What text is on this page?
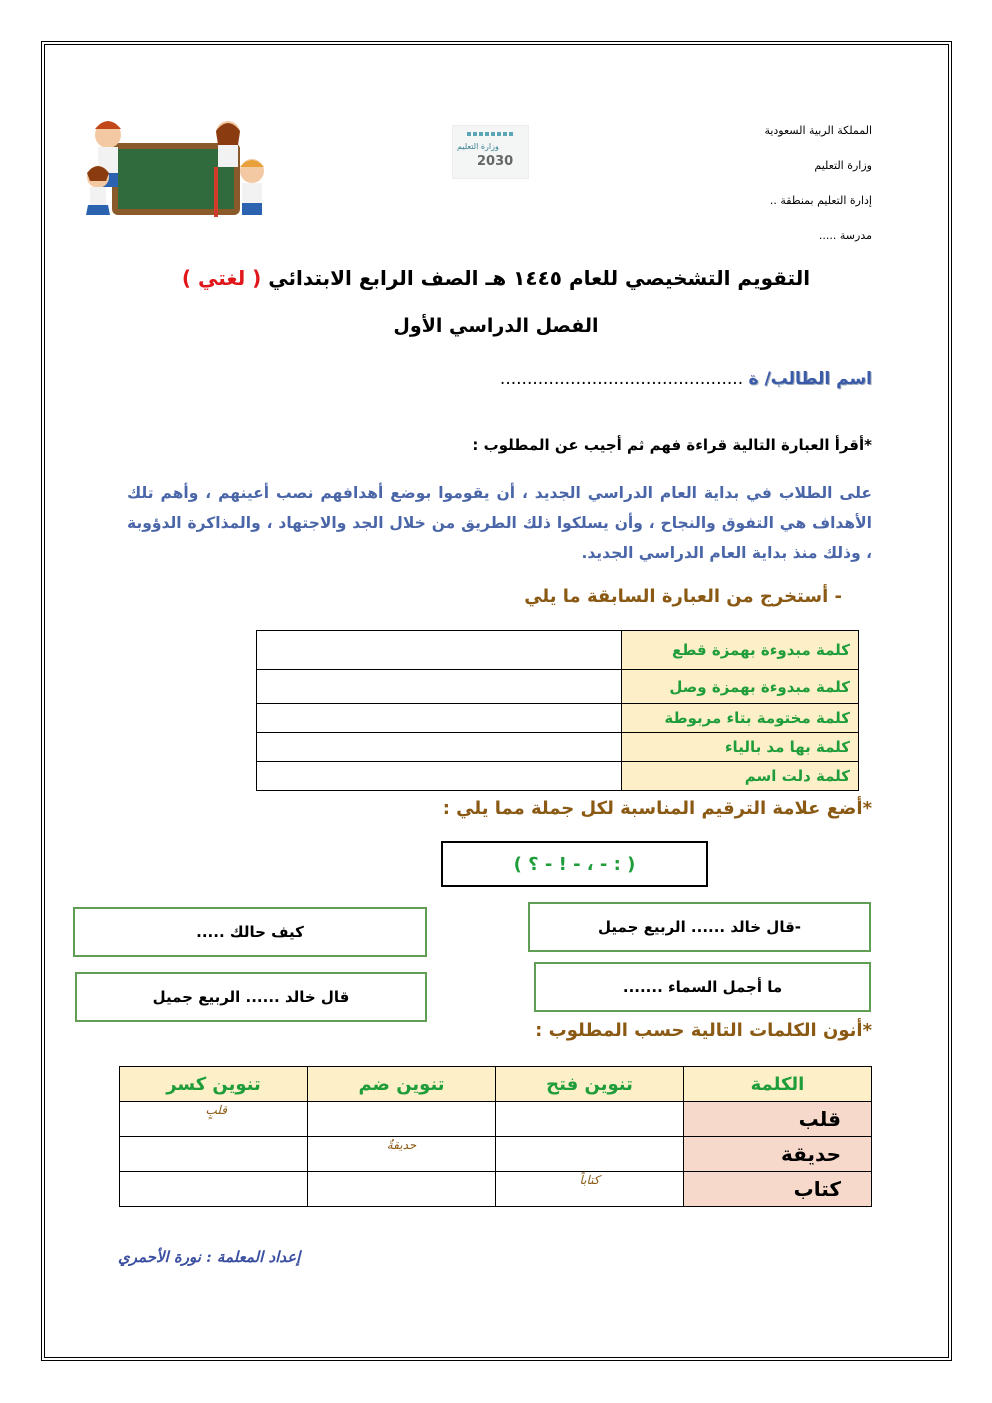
المملكة الربية السعودية
وزارة التعليم
إدارة التعليم بمنطقة ..
مدرسة .....
وزارة التعليم
2030
التقويم التشخيصي للعام ١٤٤٥ هـ الصف الرابع الابتدائي ( لغتي )
الفصل الدراسي الأول
اسم الطالب/ ة .............................................
*أقرأ العبارة التالية قراءة فهم ثم أجيب عن المطلوب :
على الطلاب في بداية العام الدراسي الجديد ، أن يقوموا بوضع أهدافهم نصب أعينهم ، وأهم تلك الأهداف هي التفوق والنجاح ، وأن يسلكوا ذلك الطريق من خلال الجد والاجتهاد ، والمذاكرة الدؤوبة ، وذلك منذ بداية العام الدراسي الجديد.
- أستخرج من العبارة السابقة ما يلي
كلمة مبدوءة بهمزة قطع	
كلمة مبدوءة بهمزة وصل	
كلمة مختومة بتاء مربوطة	
كلمة بها مد بالياء	
كلمة دلت اسم	
*أضع علامة الترقيم المناسبة لكل جملة مما يلي :
( ؟ - ! - ، - : )
-قال خالد ...... الربيع جميل
كيف حالك .....
ما أجمل السماء .......
قال خالد ...... الربيع جميل
*أنون الكلمات التالية حسب المطلوب :
الكلمة	تنوين فتح	تنوين ضم	تنوين كسر
قلب			قلبٍ
حديقة		حديقةٌ	
كتاب	كتاباً		
إعداد المعلمة : نورة الأحمري
